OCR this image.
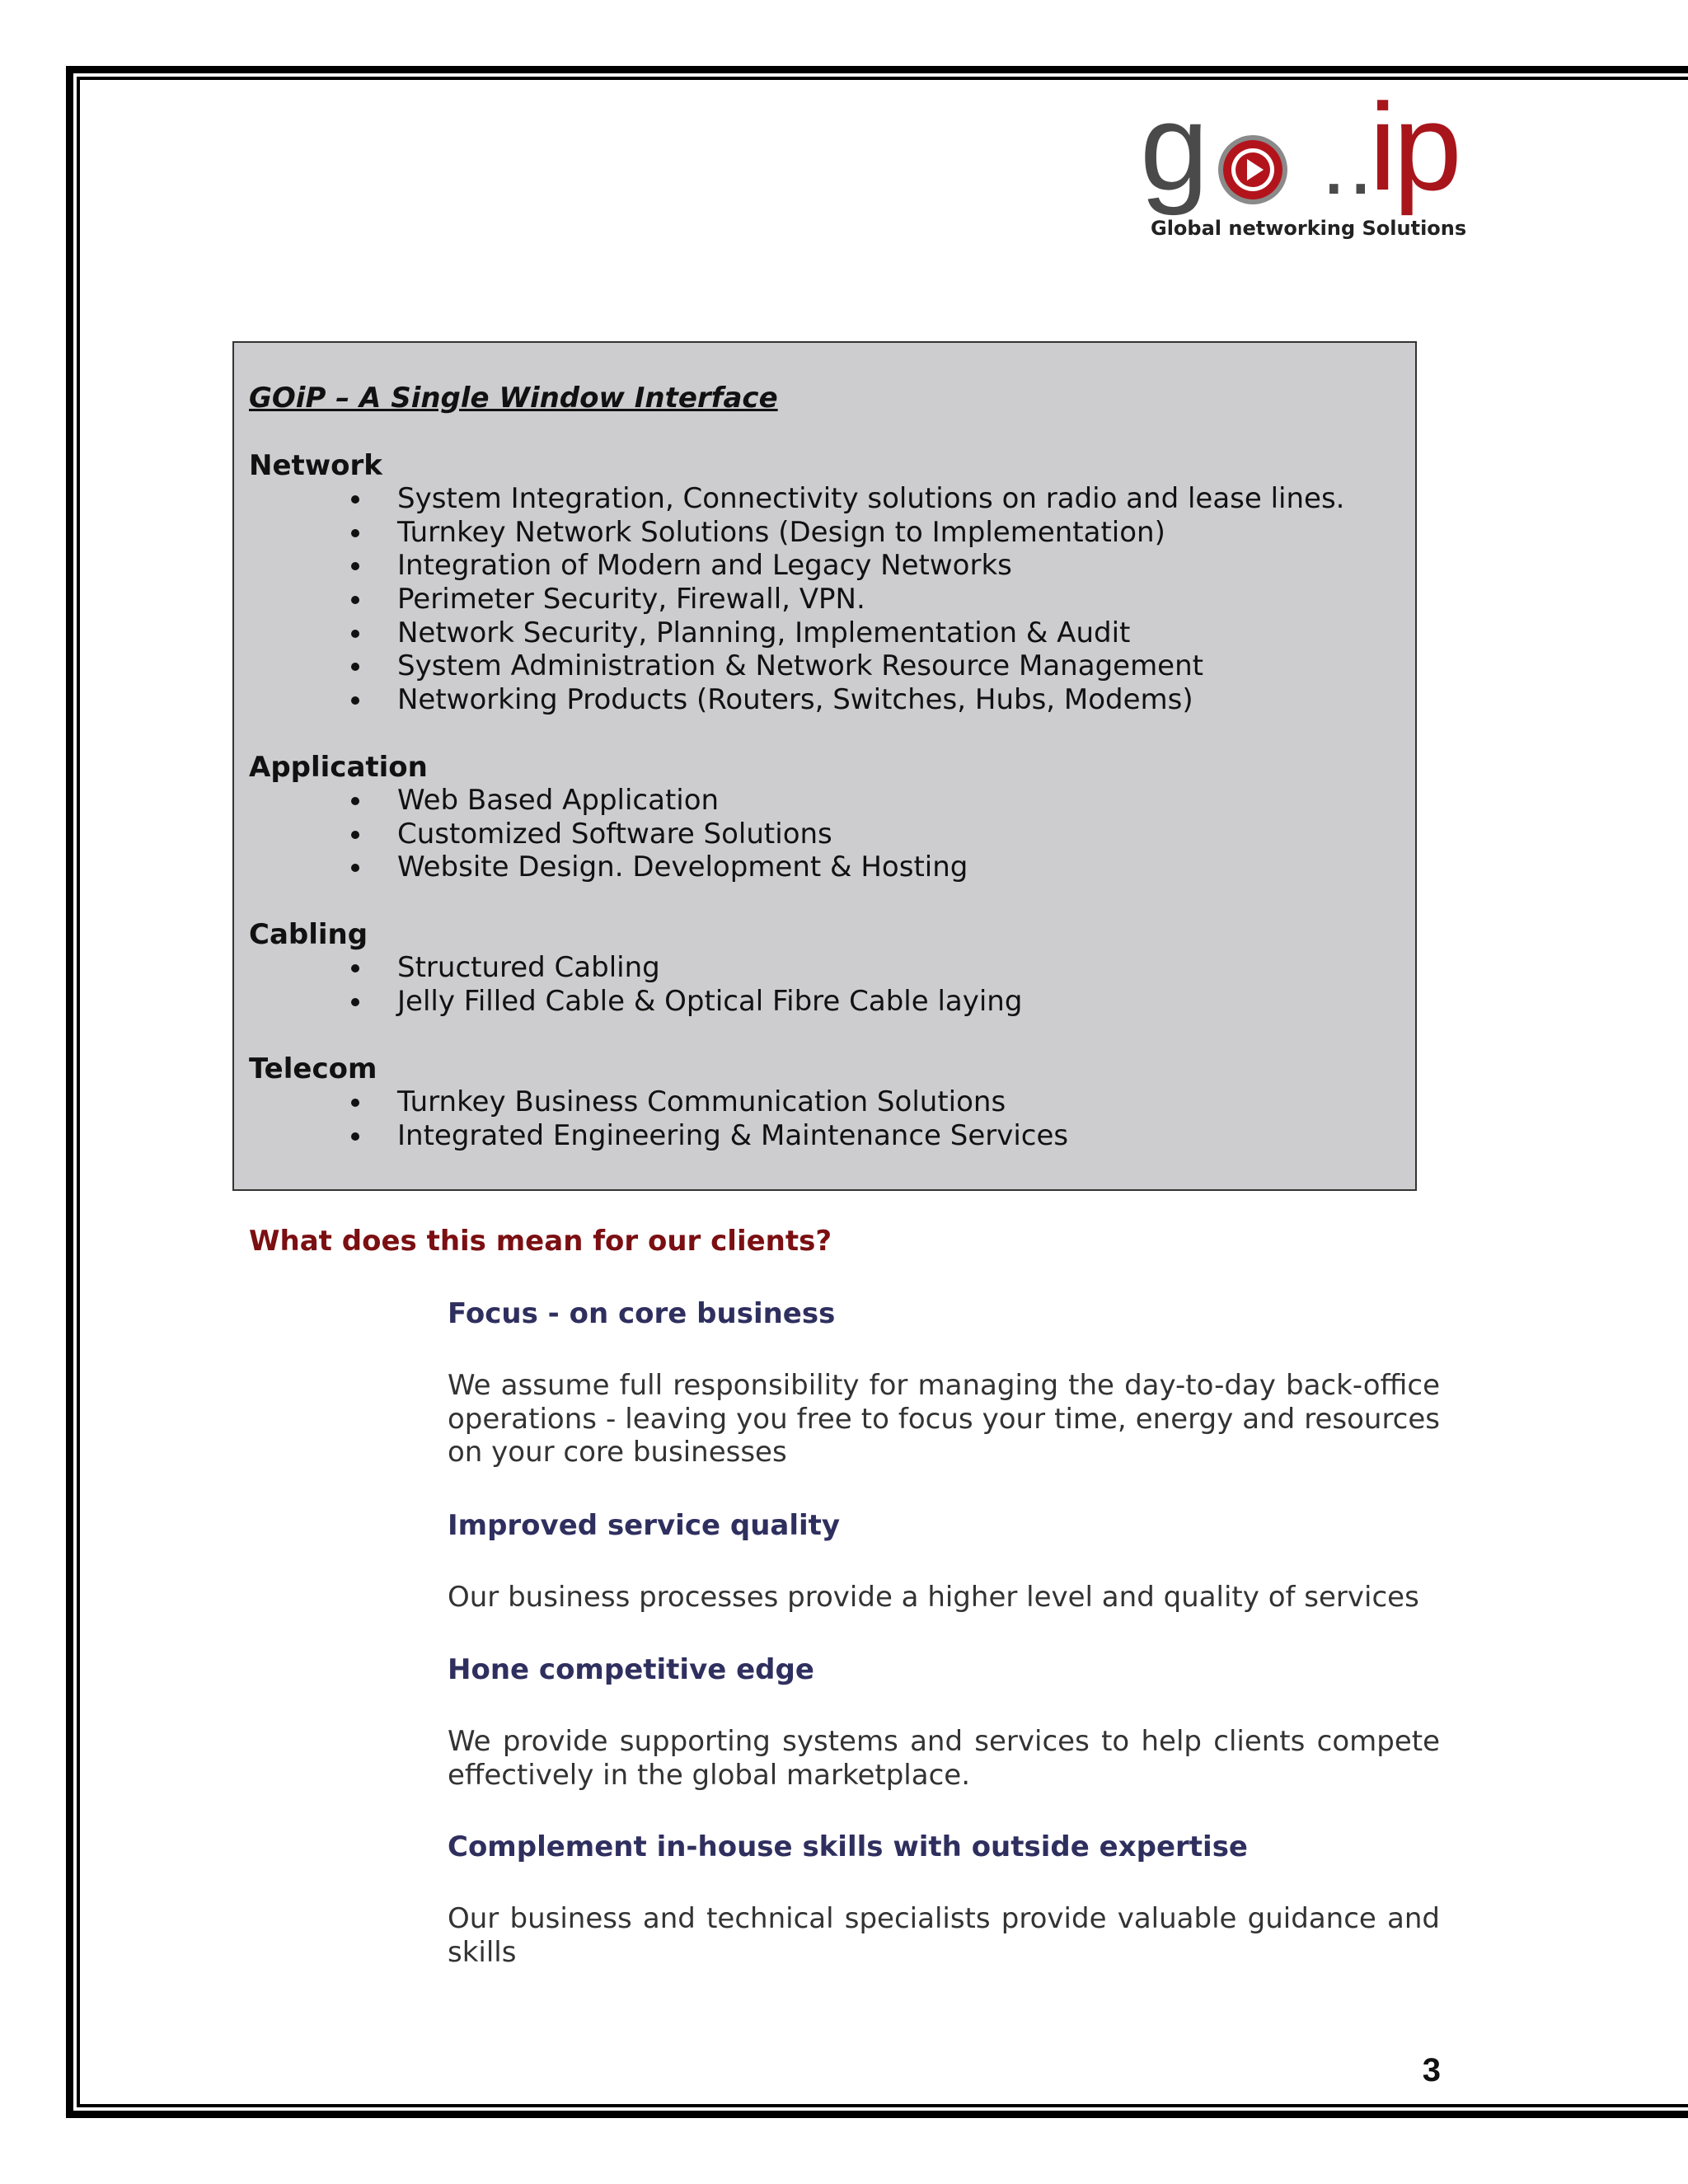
g ..
ip
Global networking Solutions
GOiP – A Single Window Interface
Network
System Integration, Connectivity solutions on radio and lease lines.
Turnkey Network Solutions (Design to Implementation)
Integration of Modern and Legacy Networks
Perimeter Security, Firewall, VPN.
Network Security, Planning, Implementation & Audit
System Administration & Network Resource Management
Networking Products (Routers, Switches, Hubs, Modems)
Application
Web Based Application
Customized Software Solutions
Website Design. Development & Hosting
Cabling
Structured Cabling
Jelly Filled Cable & Optical Fibre Cable laying
Telecom
Turnkey Business Communication Solutions
Integrated Engineering & Maintenance Services
What does this mean for our clients?
Focus - on core business

We assume full responsibility for managing the day-to-day back-office operations - leaving you free to focus your time, energy and resources on your core businesses

Improved service quality

Our business processes provide a higher level and quality of services

Hone competitive edge

We provide supporting systems and services to help clients compete effectively in the global marketplace.

Complement in-house skills with outside expertise

Our business and technical specialists provide valuable guidance and skills

3
